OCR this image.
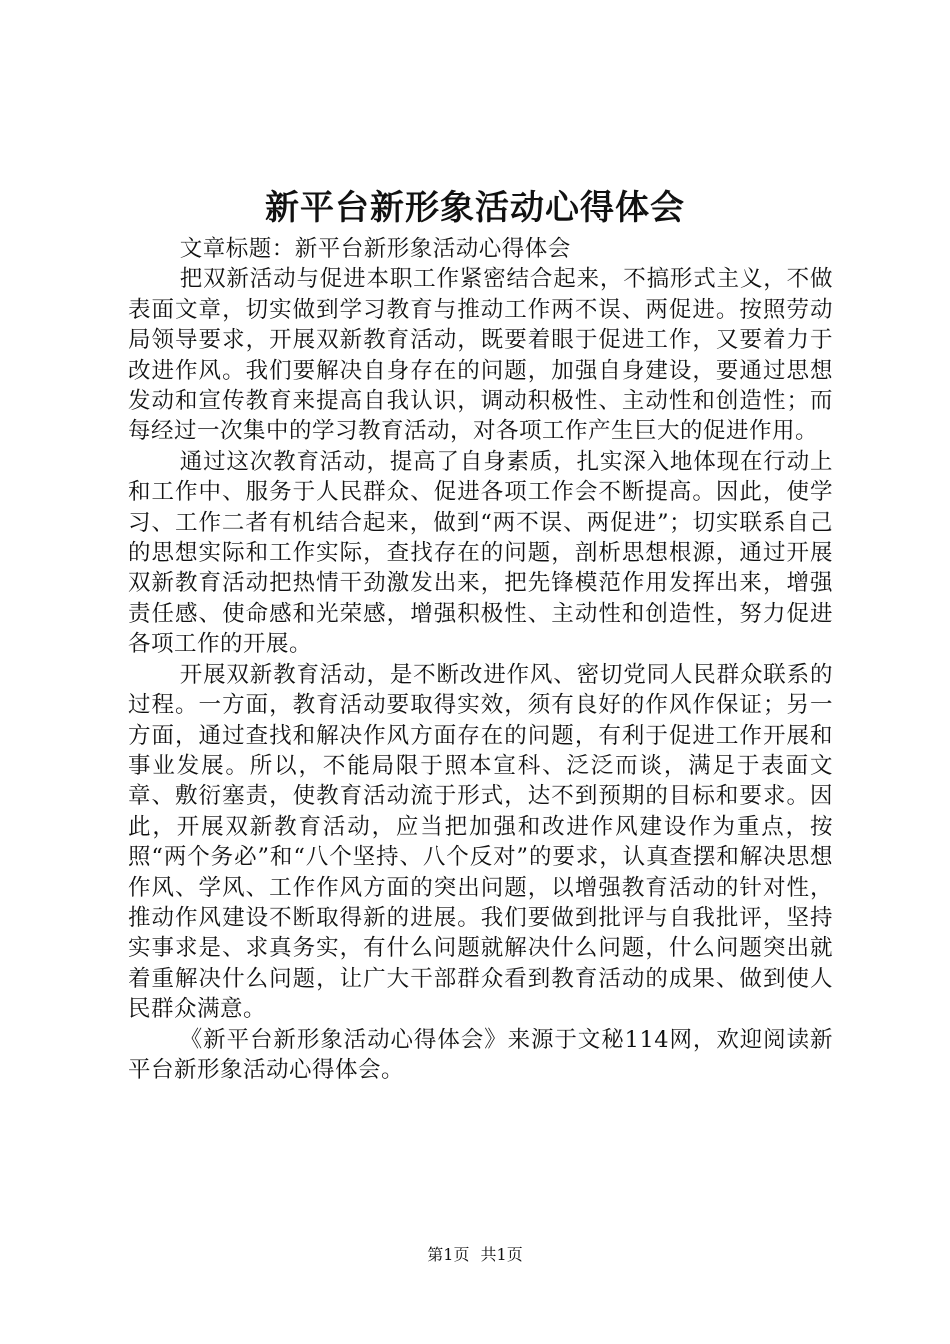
新平台新形象活动心得体会

文章标题：新平台新形象活动心得体会

把双新活动与促进本职工作紧密结合起来，不搞形式主义，不做表面文章，切实做到学习教育与推动工作两不误、两促进。按照劳动局领导要求，开展双新教育活动，既要着眼于促进工作，又要着力于改进作风。我们要解决自身存在的问题，加强自身建设，要通过思想发动和宣传教育来提高自我认识，调动积极性、主动性和创造性；而每经过一次集中的学习教育活动，对各项工作产生巨大的促进作用。

通过这次教育活动，提高了自身素质，扎实深入地体现在行动上和工作中、服务于人民群众、促进各项工作会不断提高。因此，使学习、工作二者有机结合起来，做到“两不误、两促进”；切实联系自己的思想实际和工作实际，查找存在的问题，剖析思想根源，通过开展双新教育活动把热情干劲激发出来，把先锋模范作用发挥出来，增强责任感、使命感和光荣感，增强积极性、主动性和创造性，努力促进各项工作的开展。

开展双新教育活动，是不断改进作风、密切党同人民群众联系的过程。一方面，教育活动要取得实效，须有良好的作风作保证；另一方面，通过查找和解决作风方面存在的问题，有利于促进工作开展和事业发展。所以，不能局限于照本宣科、泛泛而谈，满足于表面文章、敷衍塞责，使教育活动流于形式，达不到预期的目标和要求。因此，开展双新教育活动，应当把加强和改进作风建设作为重点，按照“两个务必”和“八个坚持、八个反对”的要求，认真查摆和解决思想作风、学风、工作作风方面的突出问题，以增强教育活动的针对性，推动作风建设不断取得新的进展。我们要做到批评与自我批评，坚持实事求是、求真务实，有什么问题就解决什么问题，什么问题突出就着重解决什么问题，让广大干部群众看到教育活动的成果、做到使人民群众满意。

《新平台新形象活动心得体会》来源于文秘114网，欢迎阅读新平台新形象活动心得体会。

第1页 共1页
